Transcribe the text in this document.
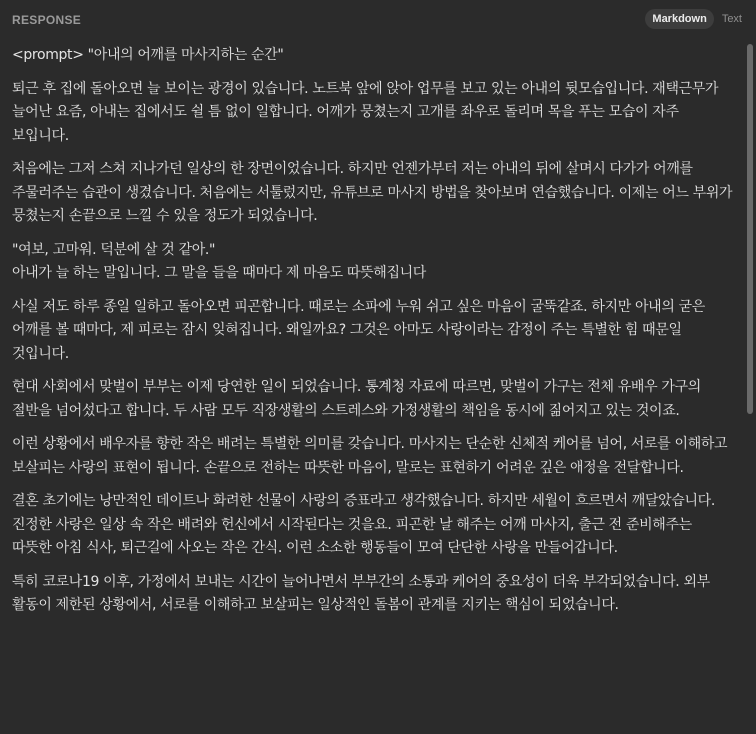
RESPONSE	Markdown	Text

<prompt> "아내의 어깨를 마사지하는 순간"

퇴근 후 집에 돌아오면 늘 보이는 광경이 있습니다. 노트북 앞에 앉아 업무를 보고 있는 아내의 뒷모습입니다. 재택근무가 늘어난 요즘, 아내는 집에서도 쉴 틈 없이 일합니다. 어깨가 뭉쳤는지 고개를 좌우로 돌리며 목을 푸는 모습이 자주 보입니다.

처음에는 그저 스쳐 지나가던 일상의 한 장면이었습니다. 하지만 언젠가부터 저는 아내의 뒤에 살며시 다가가 어깨를 주물러주는 습관이 생겼습니다. 처음에는 서툴렀지만, 유튜브로 마사지 방법을 찾아보며 연습했습니다. 이제는 어느 부위가 뭉쳤는지 손끝으로 느낄 수 있을 정도가 되었습니다.

"여보, 고마워. 덕분에 살 것 같아."
아내가 늘 하는 말입니다. 그 말을 들을 때마다 제 마음도 따뜻해집니다

사실 저도 하루 종일 일하고 돌아오면 피곤합니다. 때로는 소파에 누워 쉬고 싶은 마음이 굴뚝같죠. 하지만 아내의 굳은 어깨를 볼 때마다, 제 피로는 잠시 잊혀집니다. 왜일까요? 그것은 아마도 사랑이라는 감정이 주는 특별한 힘 때문일 것입니다.

현대 사회에서 맞벌이 부부는 이제 당연한 일이 되었습니다. 통계청 자료에 따르면, 맞벌이 가구는 전체 유배우 가구의 절반을 넘어섰다고 합니다. 두 사람 모두 직장생활의 스트레스와 가정생활의 책임을 동시에 짊어지고 있는 것이죠.

이런 상황에서 배우자를 향한 작은 배려는 특별한 의미를 갖습니다. 마사지는 단순한 신체적 케어를 넘어, 서로를 이해하고 보살피는 사랑의 표현이 됩니다. 손끝으로 전하는 따뜻한 마음이, 말로는 표현하기 어려운 깊은 애정을 전달합니다.

결혼 초기에는 낭만적인 데이트나 화려한 선물이 사랑의 증표라고 생각했습니다. 하지만 세월이 흐르면서 깨달았습니다. 진정한 사랑은 일상 속 작은 배려와 헌신에서 시작된다는 것을요. 피곤한 날 해주는 어깨 마사지, 출근 전 준비해주는 따뜻한 아침 식사, 퇴근길에 사오는 작은 간식. 이런 소소한 행동들이 모여 단단한 사랑을 만들어갑니다.

특히 코로나19 이후, 가정에서 보내는 시간이 늘어나면서 부부간의 소통과 케어의 중요성이 더욱 부각되었습니다. 외부 활동이 제한된 상황에서, 서로를 이해하고 보살피는 일상적인 돌봄이 관계를 지키는 핵심이 되었습니다.
